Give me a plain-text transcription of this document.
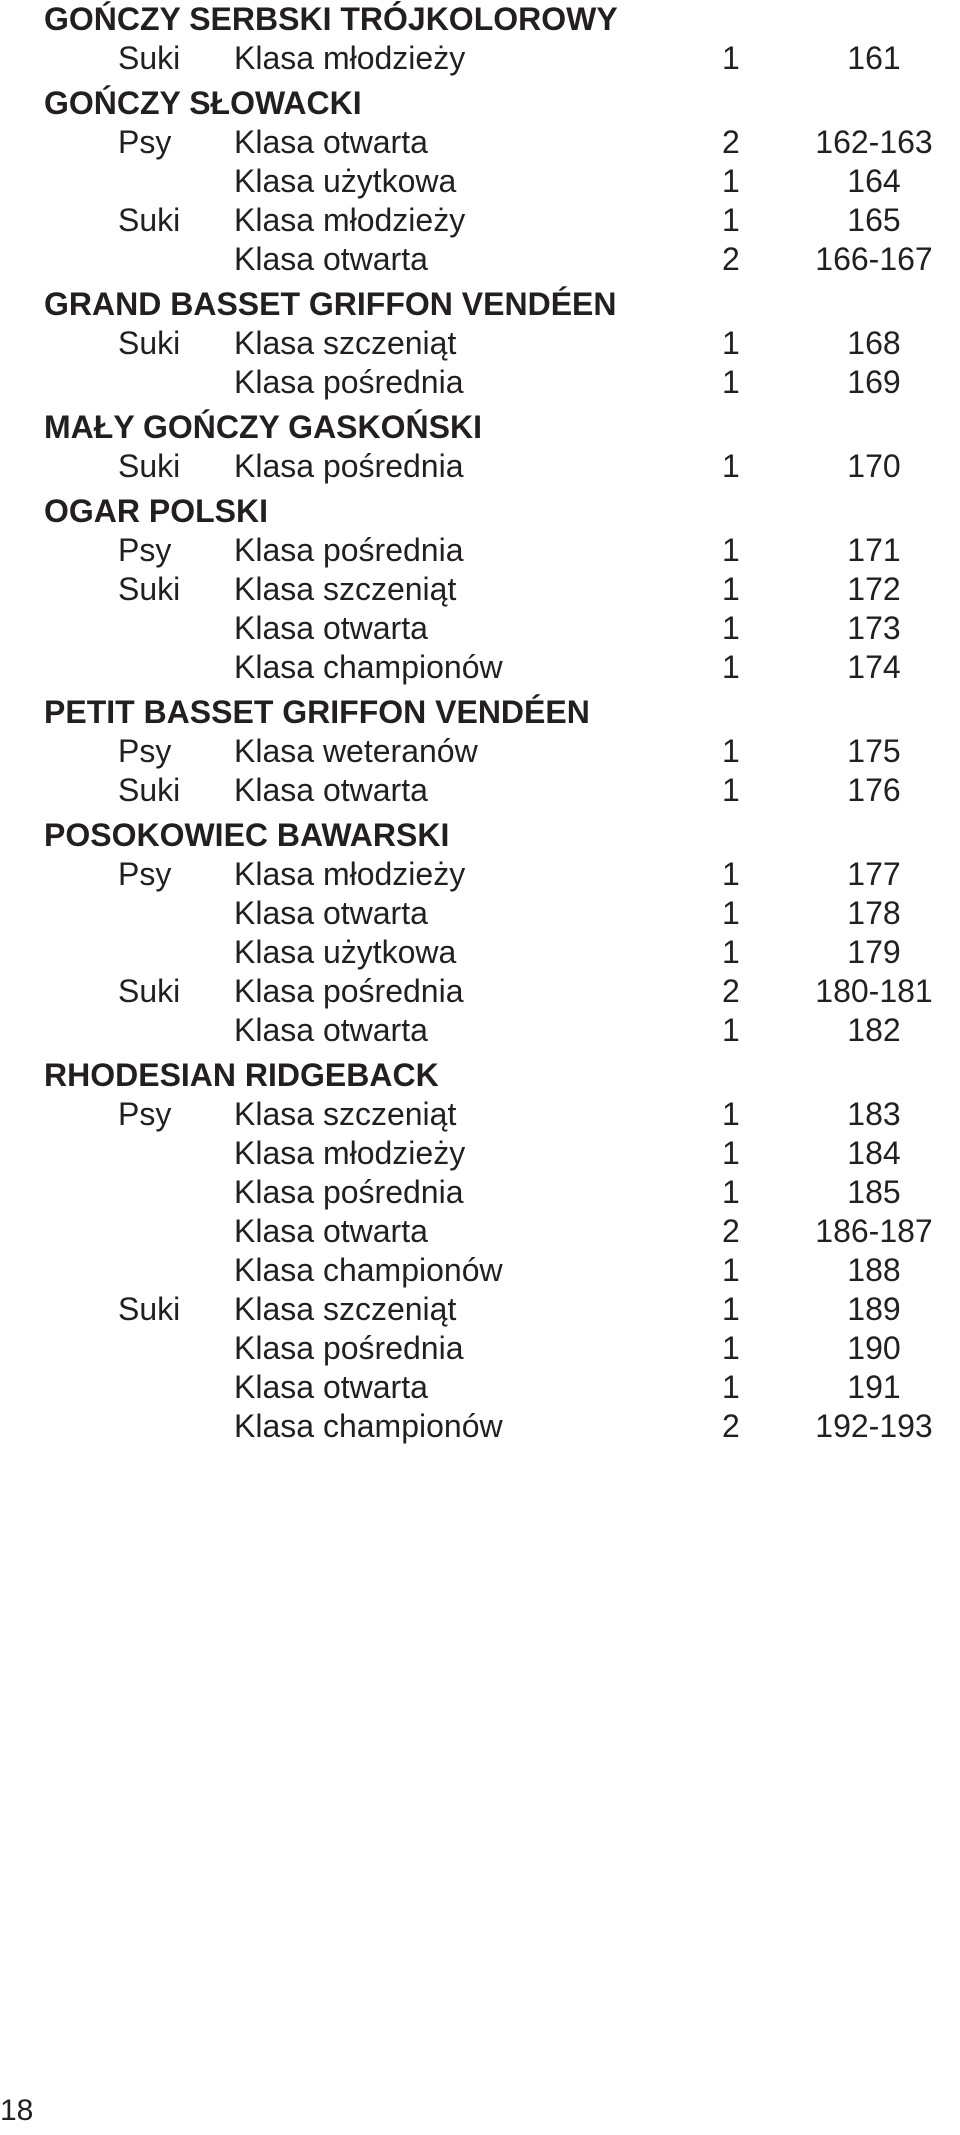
GOŃCZY SERBSKI TRÓJKOLOROWY
Suki Klasa młodzieży	1	161
GOŃCZY SŁOWACKI
Psy Klasa otwarta	2	162-163
Klasa użytkowa	1	164
Suki Klasa młodzieży	1	165
Klasa otwarta	2	166-167
GRAND BASSET GRIFFON VENDÉEN
Suki Klasa szczeniąt	1	168
Klasa pośrednia	1	169
MAŁY GOŃCZY GASKOŃSKI
Suki Klasa pośrednia	1	170
OGAR POLSKI
Psy Klasa pośrednia	1	171
Suki Klasa szczeniąt	1	172
Klasa otwarta	1	173
Klasa championów	1	174
PETIT BASSET GRIFFON VENDÉEN
Psy Klasa weteranów	1	175
Suki Klasa otwarta	1	176
POSOKOWIEC BAWARSKI
Psy Klasa młodzieży	1	177
Klasa otwarta	1	178
Klasa użytkowa	1	179
Suki Klasa pośrednia	2	180-181
Klasa otwarta	1	182
RHODESIAN RIDGEBACK
Psy Klasa szczeniąt	1	183
Klasa młodzieży	1	184
Klasa pośrednia	1	185
Klasa otwarta	2	186-187
Klasa championów	1	188
Suki Klasa szczeniąt	1	189
Klasa pośrednia	1	190
Klasa otwarta	1	191
Klasa championów	2	192-193
18
